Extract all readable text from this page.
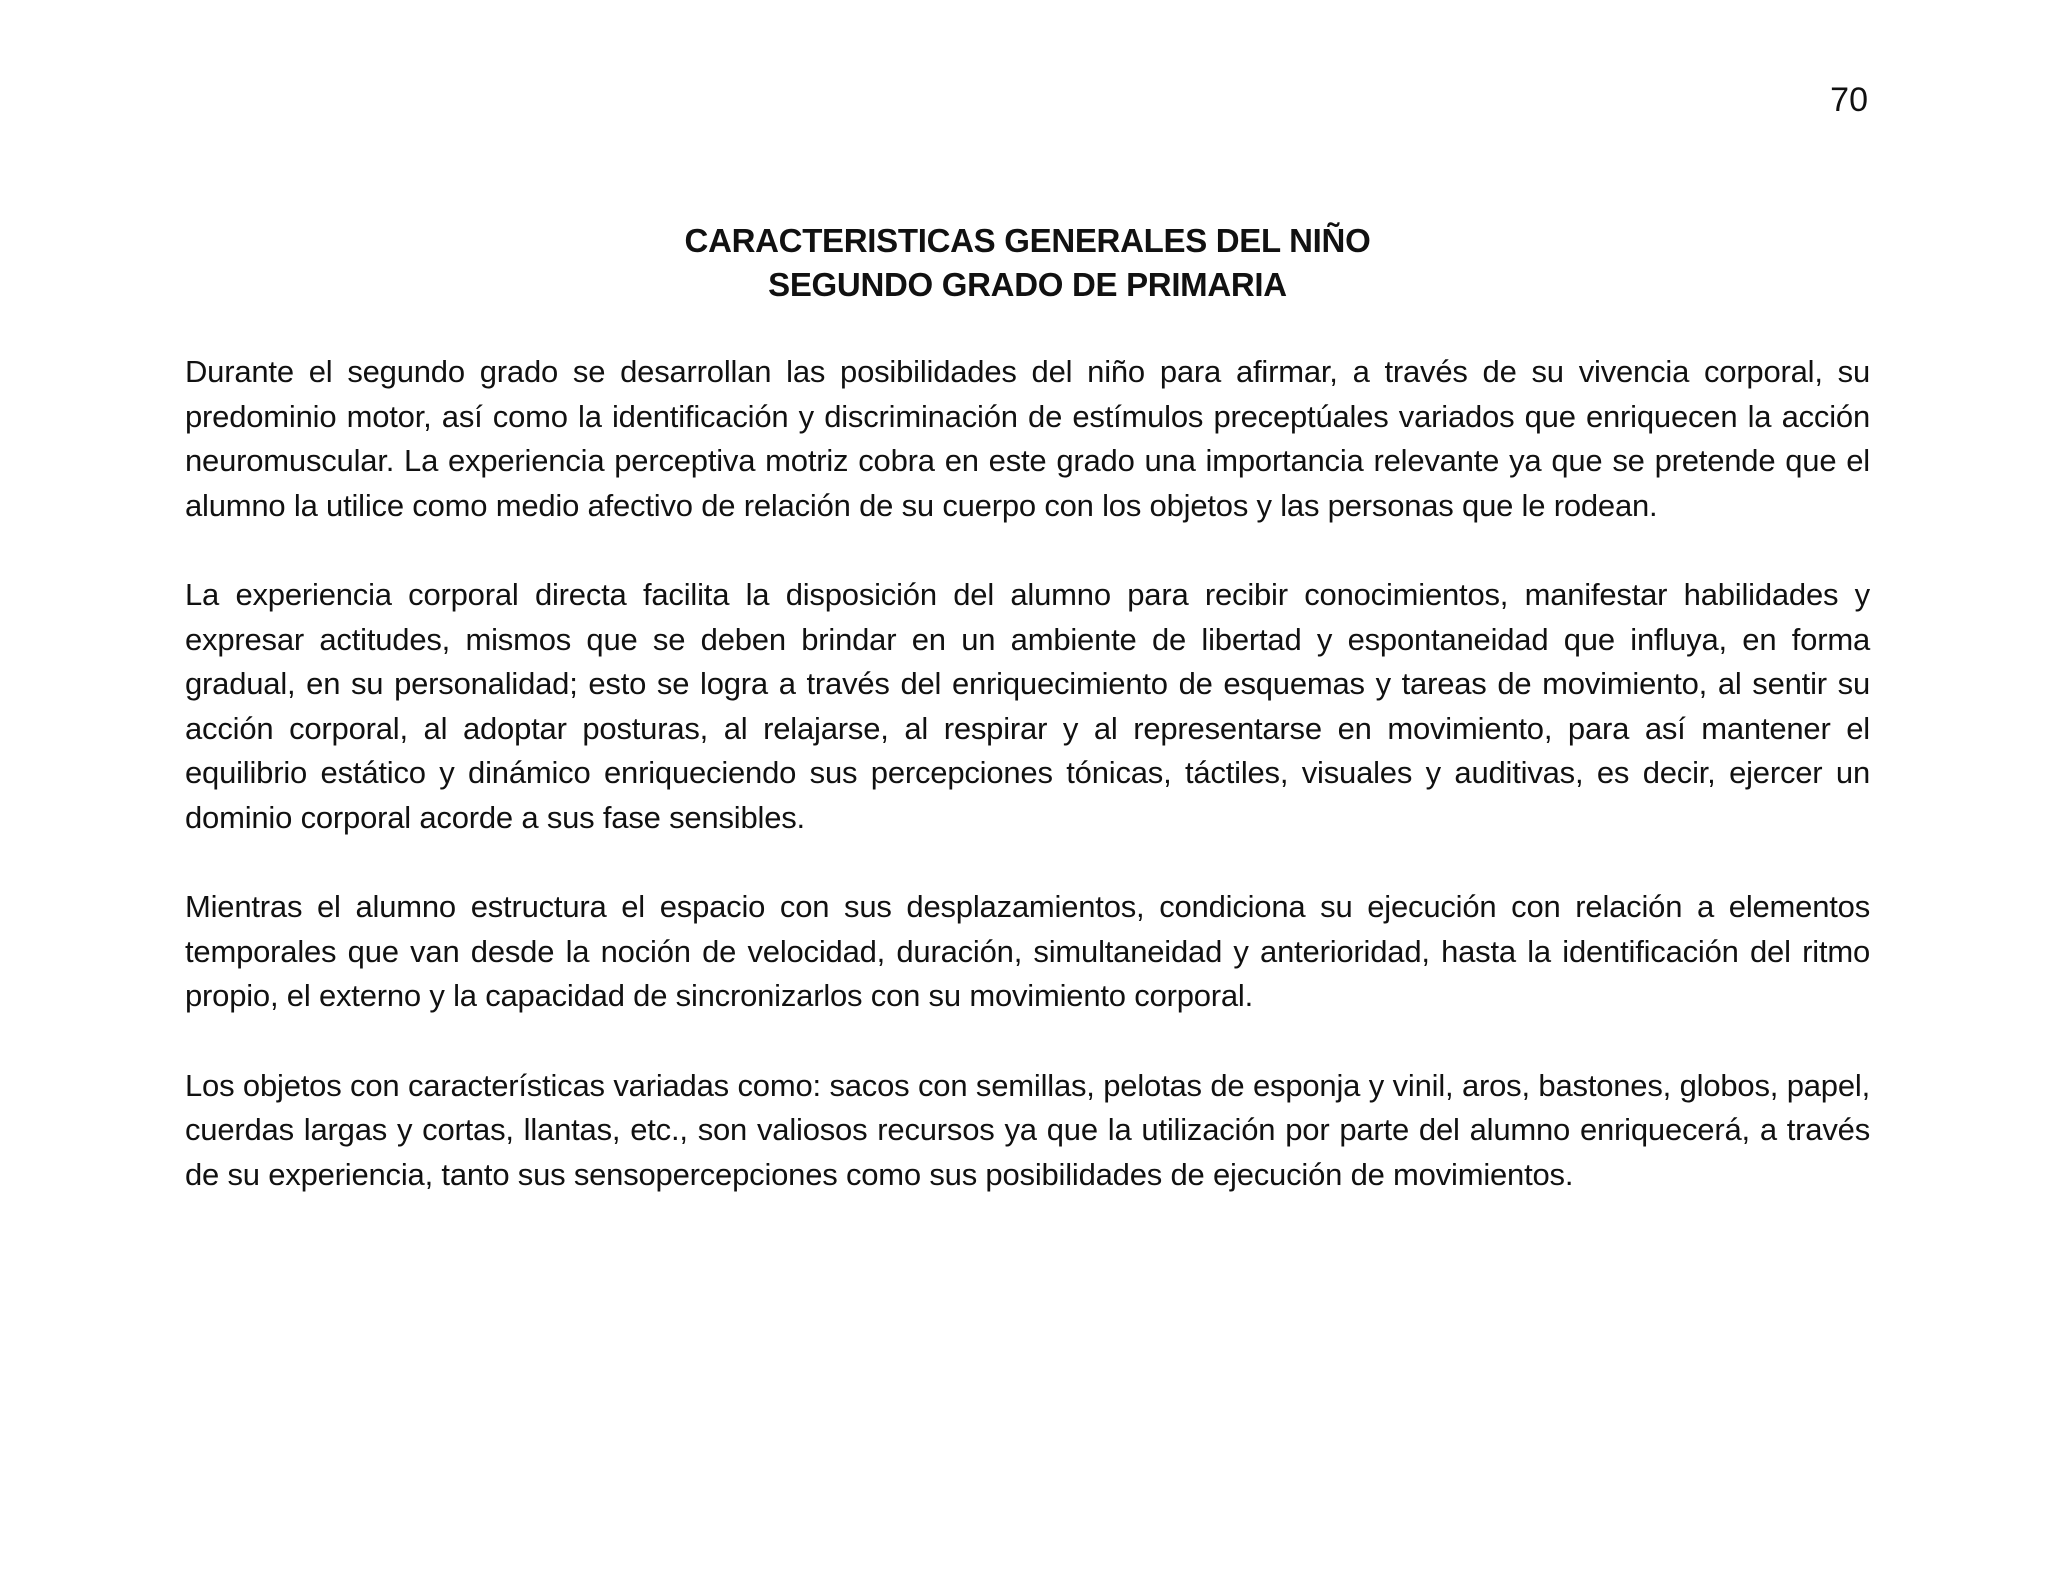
70

CARACTERISTICAS GENERALES DEL NIÑO
SEGUNDO GRADO DE PRIMARIA

Durante el segundo grado se desarrollan las posibilidades del niño para afirmar, a través de su vivencia corporal, su predominio motor, así como la identificación y discriminación de estímulos preceptúales variados que enriquecen la acción neuromuscular. La experiencia perceptiva motriz cobra en este grado una importancia relevante ya que se pretende que el alumno la utilice como medio afectivo de relación de su cuerpo con los objetos y las personas que le rodean.

La experiencia corporal directa facilita la disposición del alumno para recibir conocimientos, manifestar habilidades y expresar actitudes, mismos que se deben brindar en un ambiente de libertad y espontaneidad que influya, en forma gradual, en su personalidad; esto se logra a través del enriquecimiento de esquemas y tareas de movimiento, al sentir su acción corporal, al adoptar posturas, al relajarse, al respirar y al representarse en movimiento, para así mantener el equilibrio estático y dinámico enriqueciendo sus percepciones tónicas, táctiles, visuales y auditivas, es decir, ejercer un dominio corporal acorde a sus fase sensibles.

Mientras el alumno estructura el espacio con sus desplazamientos, condiciona su ejecución con relación a elementos temporales que van desde la noción de velocidad, duración, simultaneidad y anterioridad, hasta la identificación del ritmo propio, el externo y la capacidad de sincronizarlos con su movimiento corporal.

Los objetos con características variadas como: sacos con semillas, pelotas de esponja y vinil, aros, bastones, globos, papel, cuerdas largas y cortas, llantas, etc., son valiosos recursos ya que la utilización por parte del alumno enriquecerá, a través de su experiencia, tanto sus sensopercepciones como sus posibilidades de ejecución de movimientos.
